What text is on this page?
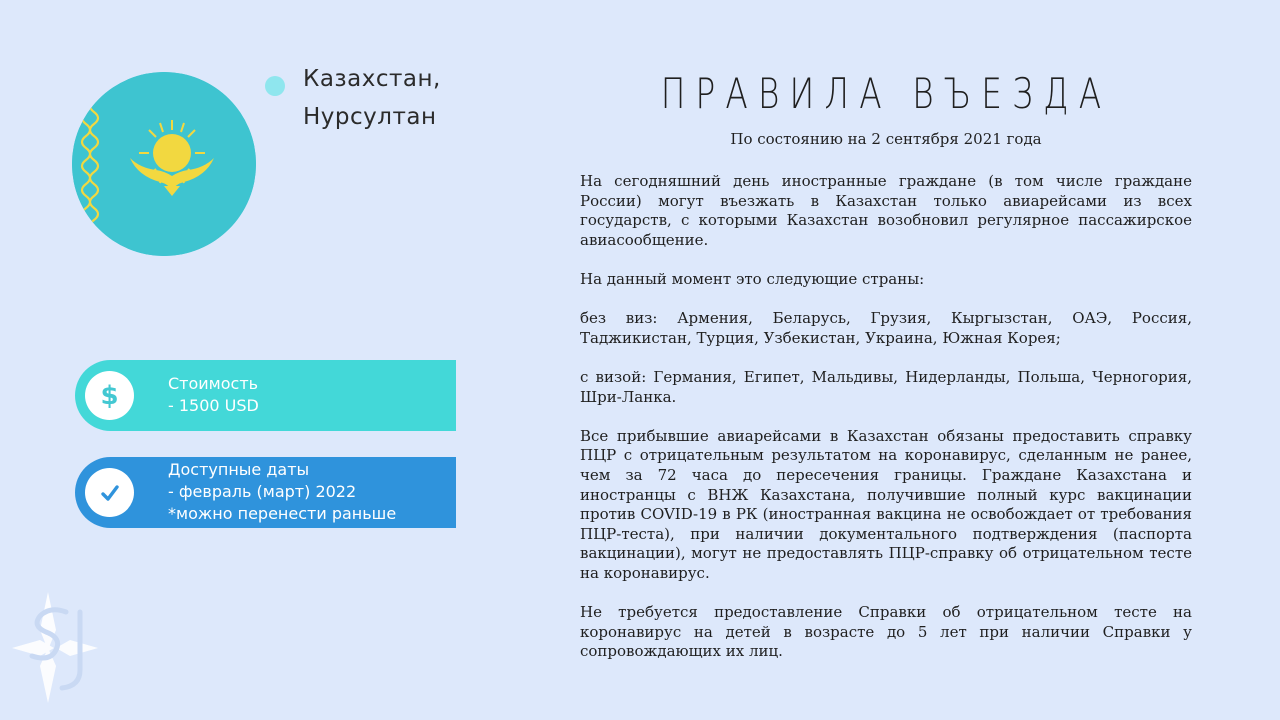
Казахстан,
Нурсултан
$	Стоимость
- 1500 USD
Доступные даты
- февраль (март) 2022
*можно перенести раньше
ПРАВИЛА ВЪЕЗДА
По состоянию на 2 сентября 2021 года

На сегодняшний день иностранные граждане (в том числе граждане России) могут въезжать в Казахстан только авиарейсами из всех государств, с которыми Казахстан возобновил регулярное пассажирское авиасообщение.

На данный момент это следующие страны:

без виз: Армения, Беларусь, Грузия, Кыргызстан, ОАЭ, Россия, Таджикистан, Турция, Узбекистан, Украина, Южная Корея;

с визой: Германия, Египет, Мальдивы, Нидерланды, Польша, Черногория, Шри-Ланка.

Все прибывшие авиарейсами в Казахстан обязаны предоставить справку ПЦР с отрицательным результатом на коронавирус, сделанным не ранее, чем за 72 часа до пересечения границы. Граждане Казахстана и иностранцы с ВНЖ Казахстана, получившие полный курс вакцинации против COVID-19 в РК (иностранная вакцина не освобождает от требования ПЦР-теста), при наличии документального подтверждения (паспорта вакцинации), могут не предоставлять ПЦР-справку об отрицательном тесте на коронавирус.

Не требуется предоставление Справки об отрицательном тесте на коронавирус на детей в возрасте до 5 лет при наличии Справки у сопровождающих их лиц.
